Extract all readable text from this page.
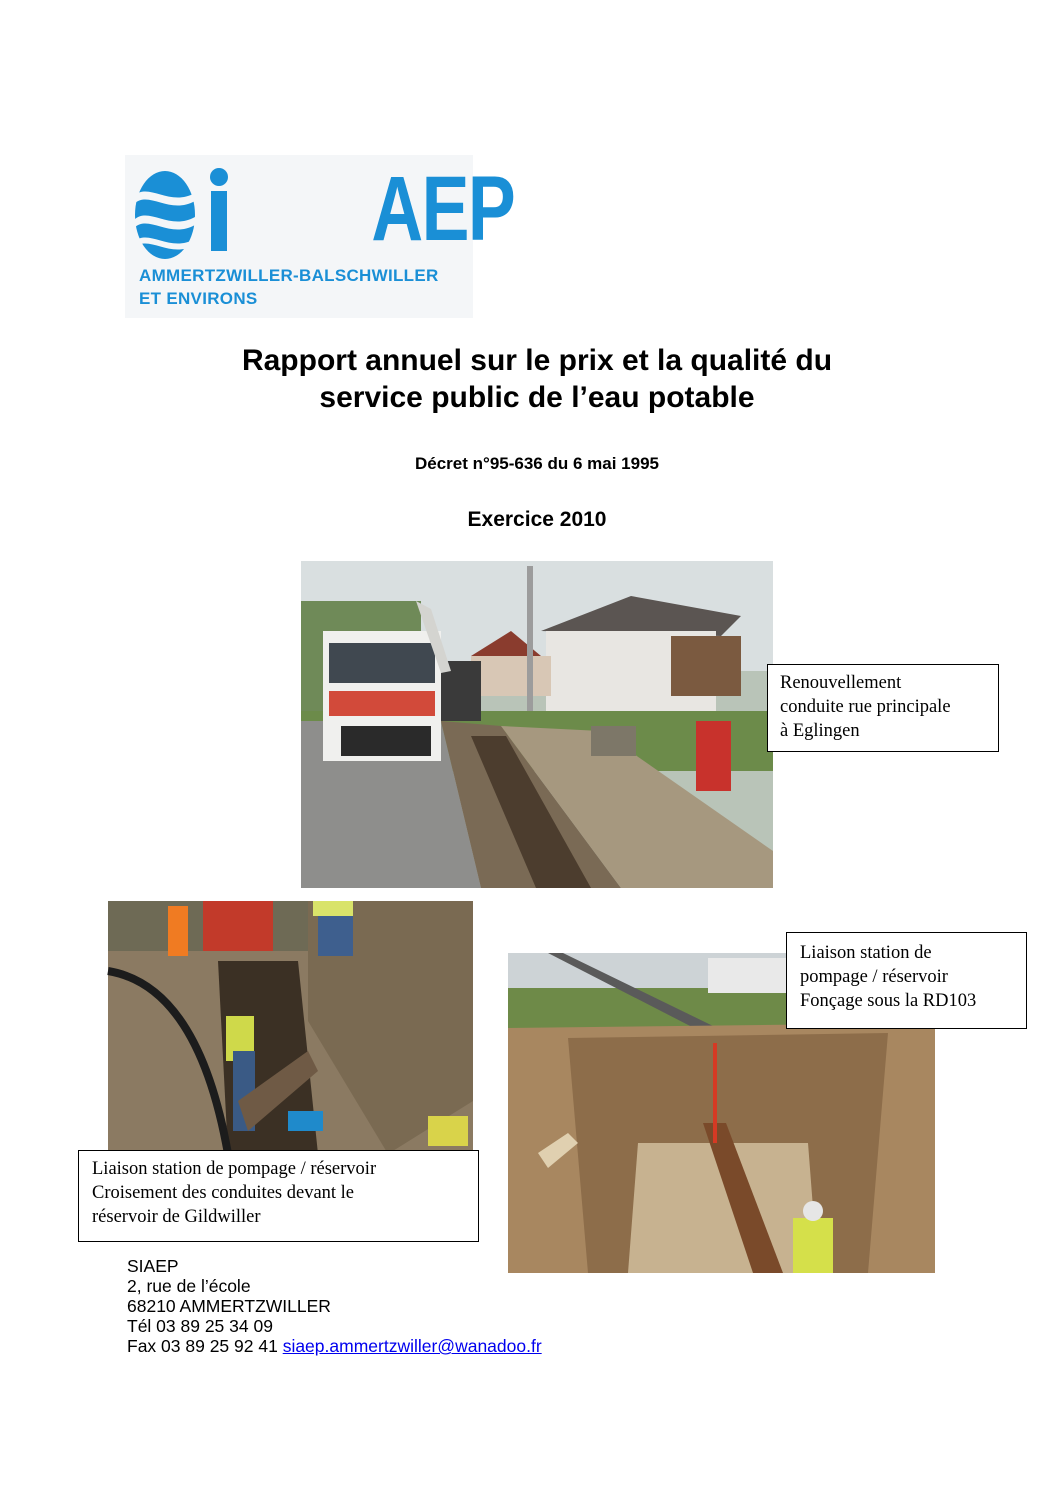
AEP
AMMERTZWILLER-BALSCHWILLER
ET ENVIRONS
Rapport annuel sur le prix et la qualité du
service public de l’eau potable
Décret n°95-636 du 6 mai 1995
Exercice 2010
Renouvellement
conduite rue principale
à Eglingen
Liaison station de pompage / réservoir
Croisement des conduites devant le
réservoir de Gildwiller
Liaison station de
pompage / réservoir
Fonçage sous la RD103
SIAEP
2, rue de l’école
68210 AMMERTZWILLER
Tél 03 89 25 34 09
Fax 03 89 25 92 41 siaep.ammertzwiller@wanadoo.fr
